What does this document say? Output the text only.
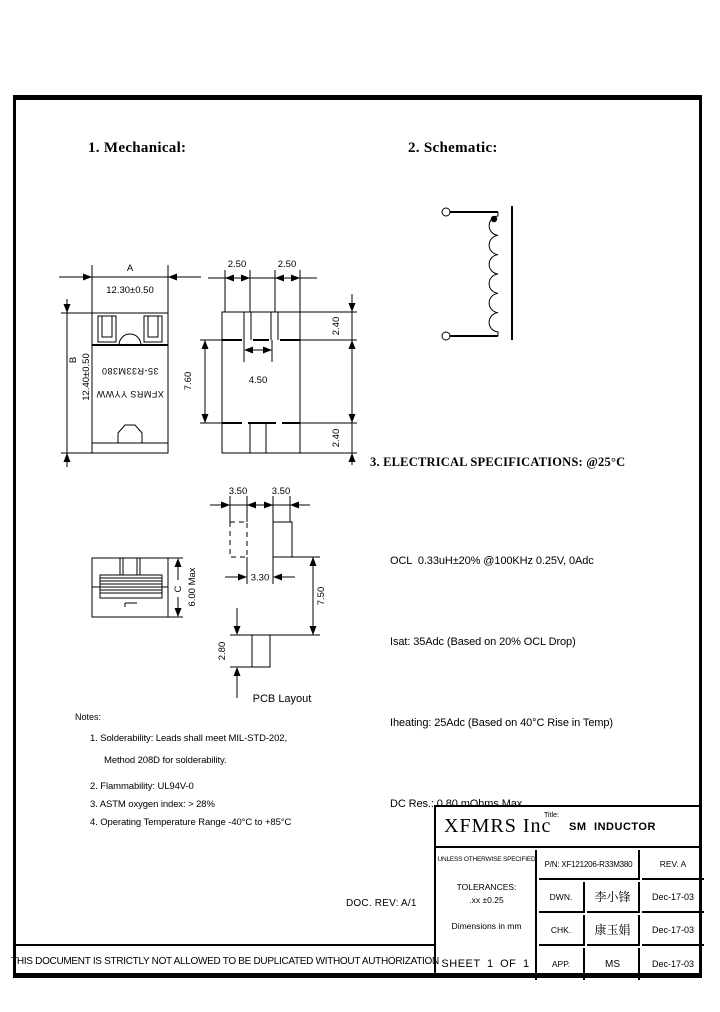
1. Mechanical:	2. Schematic:
3. ELECTRICAL SPECIFICATIONS: @25°C
A
12.30±0.50
B 12.40±0.50 XFMRS YYWW
35-R33M380
2.50	2.50
4.50
7.60
2.40
2.40
C 6.00 Max
3.50	3.50
3.30
7.50
2.80
PCB Layout

OCL  0.33uH±20% @100KHz 0.25V, 0Adc

Isat: 35Adc (Based on 20% OCL Drop)

Iheating: 25Adc (Based on 40°C Rise in Temp)

DC Res.: 0.80 mOhms Max

Notes:
1. Solderability: Leads shall meet MIL-STD-202,
Method 208D for solderability.
2. Flammability: UL94V-0
3. ASTM oxygen index: > 28%
4. Operating Temperature Range -40°C to +85°C
DOC. REV: A/1
XFMRS Inc
Title:
SM INDUCTOR
UNLESS OTHERWISE SPECIFIED
TOLERANCES:
.xx ±0.25
Dimensions in mm
P/N: XF121206-R33M380	REV. A
DWN.	李小锋	Dec-17-03
CHK.	康玉娟	Dec-17-03
SHEET 1 OF 1	APP.	MS	Dec-17-03
THIS DOCUMENT IS STRICTLY NOT ALLOWED TO BE DUPLICATED WITHOUT AUTHORIZATION
